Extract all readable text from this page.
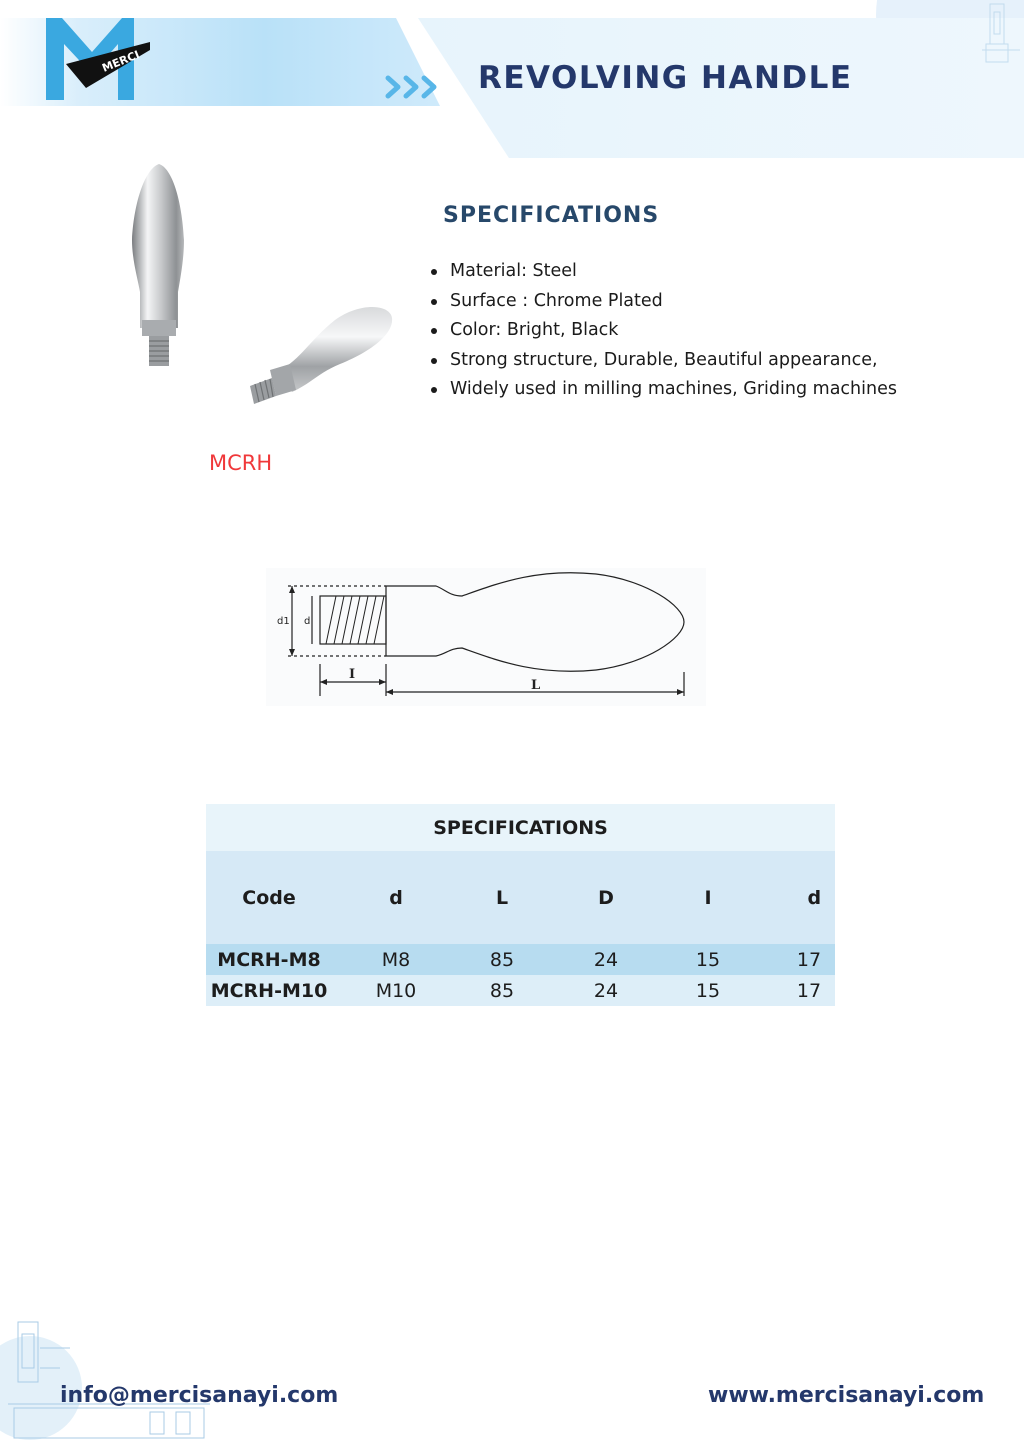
MERCI	REVOLVING HANDLE
SPECIFICATIONS
Material: Steel
Surface : Chrome Plated
Color: Bright, Black
Strong structure, Durable, Beautiful appearance,
Widely used in milling machines, Griding machines

MCRH

d1 d
I
L
SPECIFICATIONS					
Code	d	L	D	I	d
MCRH-M8	M8	85	24	15	17
MCRH-M10	M10	85	24	15	17

info@mercisanayi.com	www.mercisanayi.com
